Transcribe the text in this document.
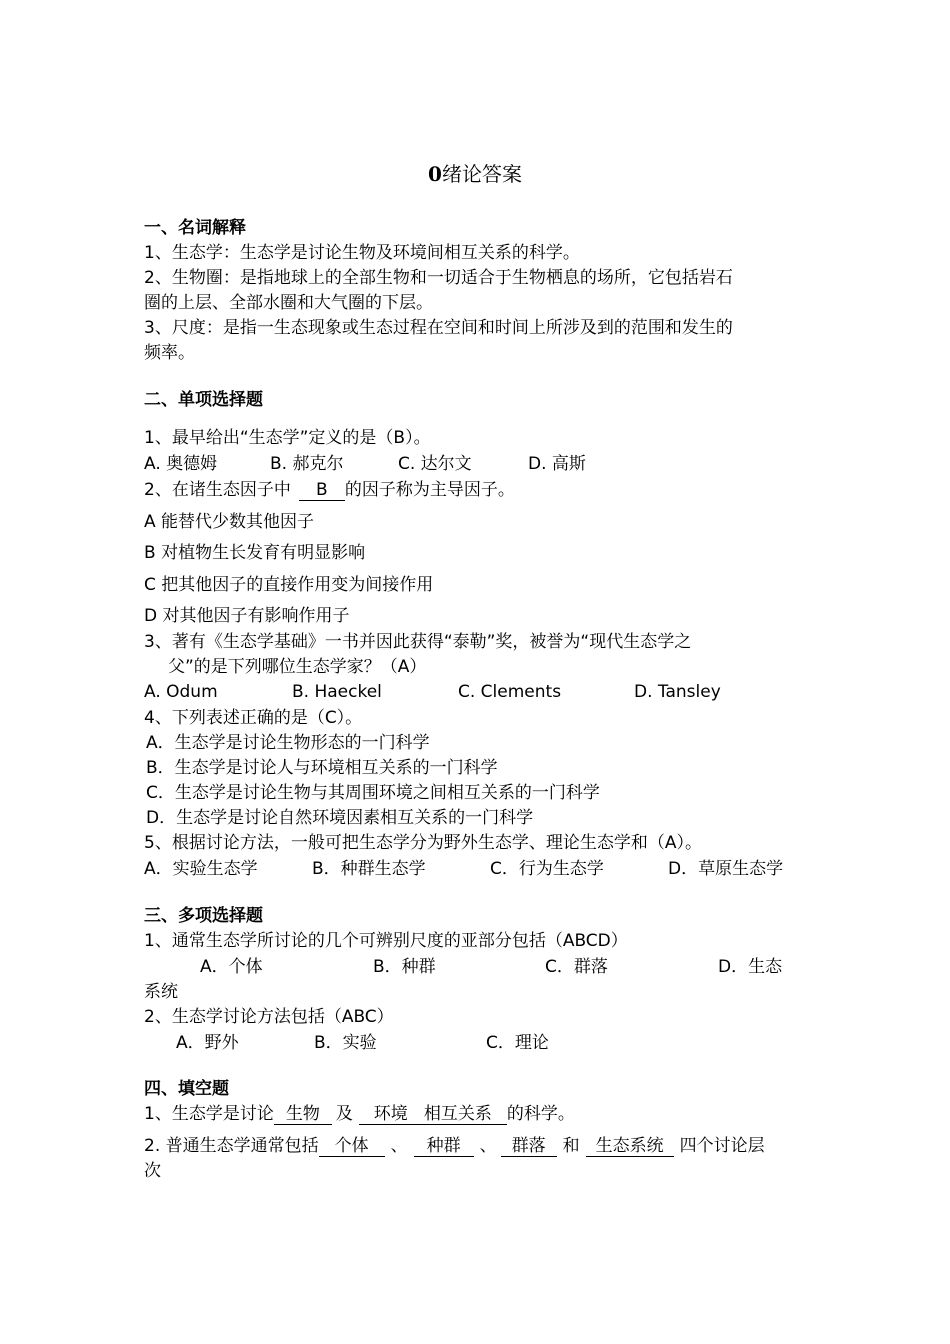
0绪论答案
一、名词解释
1、生态学：生态学是讨论生物及环境间相互关系的科学。
2、生物圈：是指地球上的全部生物和一切适合于生物栖息的场所，它包括岩石
圈的上层、全部水圈和大气圈的下层。
3、尺度：是指一生态现象或生态过程在空间和时间上所涉及到的范围和发生的
频率。
二、单项选择题
1、最早给出“生态学”定义的是（B）。
A. 奥德姆	B. 郝克尔	C. 达尔文	D. 高斯
2、在诸生态因子中 B 的因子称为主导因子。
A 能替代少数其他因子
B 对植物生长发育有明显影响
C 把其他因子的直接作用变为间接作用
D 对其他因子有影响作用子
3、著有《生态学基础》一书并因此获得“泰勒”奖，被誉为“现代生态学之
父”的是下列哪位生态学家？（A）
A. Odum	B. Haeckel	C. Clements	D. Tansley
4、下列表述正确的是（C）。
A．生态学是讨论生物形态的一门科学
B．生态学是讨论人与环境相互关系的一门科学
C．生态学是讨论生物与其周围环境之间相互关系的一门科学
D．生态学是讨论自然环境因素相互关系的一门科学
5、根据讨论方法，一般可把生态学分为野外生态学、理论生态学和（A）。
A．实验生态学	B．种群生态学	C．行为生态学	D．草原生态学
三、多项选择题
1、通常生态学所讨论的几个可辨别尺度的亚部分包括（ABCD）
A．个体	B．种群	C．群落	D．生态
系统
2、生态学讨论方法包括（ABC）
A．野外	B．实验	C．理论
四、填空题
1、生态学是讨论 生物 及 环境   相互关系 的科学。
2. 普通生态学通常包括 个体 、 种群 、 群落 和 生态系统 四个讨论层
次
